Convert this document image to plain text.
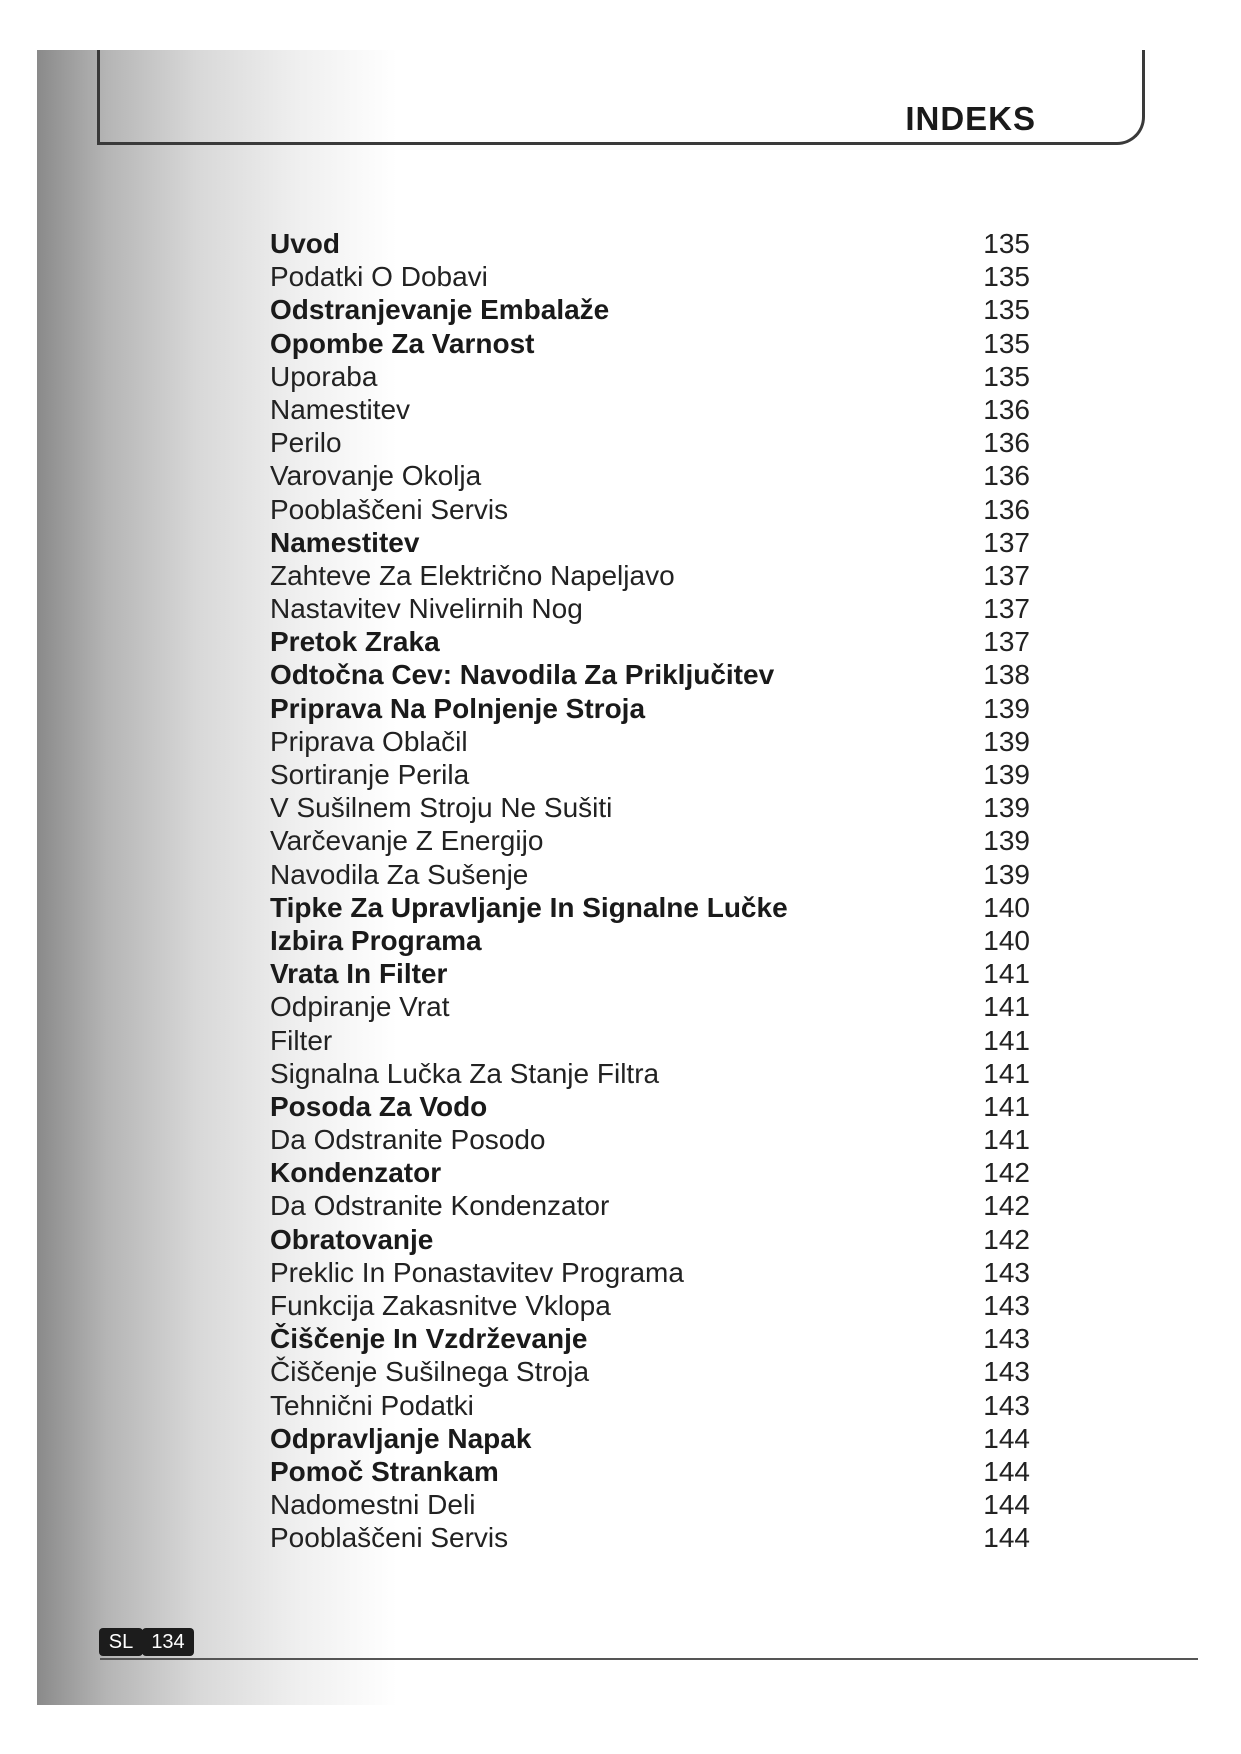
INDEKS
Uvod	135
Podatki O Dobavi	135
Odstranjevanje Embalaže	135
Opombe Za Varnost	135
Uporaba	135
Namestitev	136
Perilo	136
Varovanje Okolja	136
Pooblaščeni Servis	136
Namestitev	137
Zahteve Za Električno Napeljavo	137
Nastavitev Nivelirnih Nog	137
Pretok Zraka	137
Odtočna Cev: Navodila Za Priključitev	138
Priprava Na Polnjenje Stroja	139
Priprava Oblačil	139
Sortiranje Perila	139
V Sušilnem Stroju Ne Sušiti	139
Varčevanje Z Energijo	139
Navodila Za Sušenje	139
Tipke Za Upravljanje In Signalne Lučke	140
Izbira Programa	140
Vrata In Filter	141
Odpiranje Vrat	141
Filter	141
Signalna Lučka Za Stanje Filtra	141
Posoda Za Vodo	141
Da Odstranite Posodo	141
Kondenzator	142
Da Odstranite Kondenzator	142
Obratovanje	142
Preklic In Ponastavitev Programa	143
Funkcija Zakasnitve Vklopa	143
Čiščenje In Vzdrževanje	143
Čiščenje Sušilnega Stroja	143
Tehnični Podatki	143
Odpravljanje Napak	144
Pomoč Strankam	144
Nadomestni Deli	144
Pooblaščeni Servis	144
SL 134
